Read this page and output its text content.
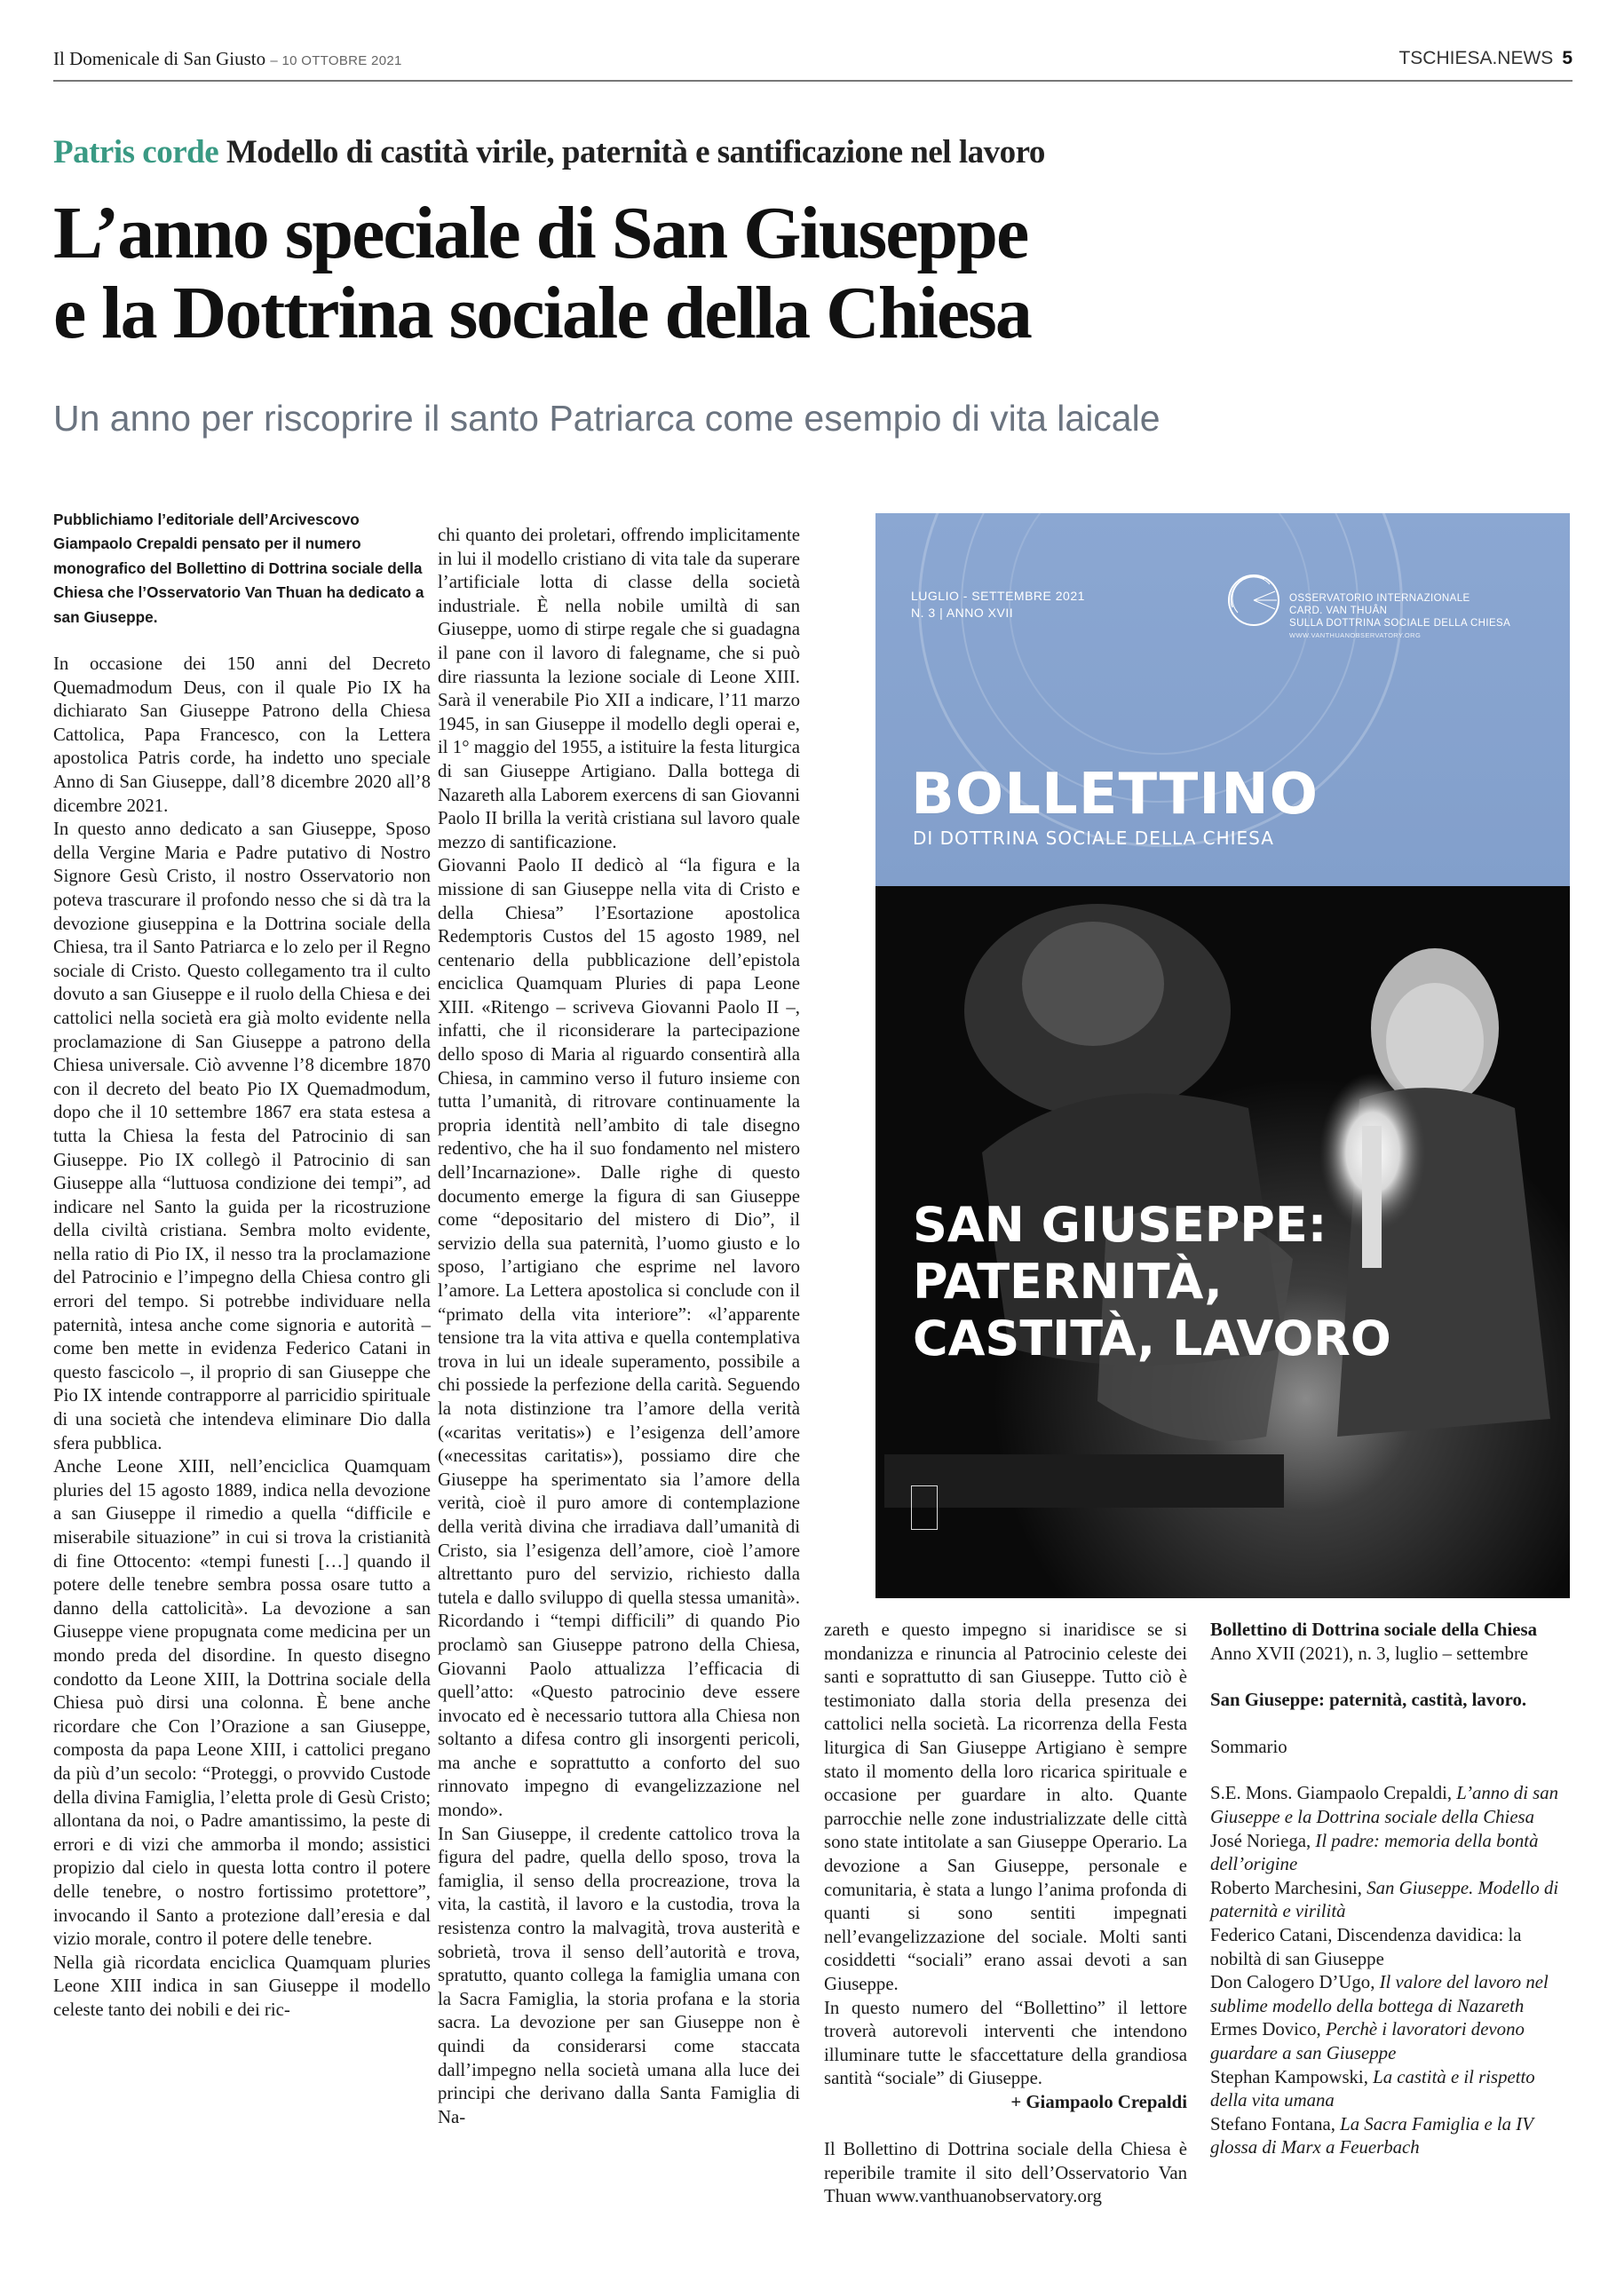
Il Domenicale di San Giusto – 10 OTTOBRE 2021	TSCHIESA.NEWS 5
Patris corde Modello di castità virile, paternità e santificazione nel lavoro
L’anno speciale di San Giuseppe
e la Dottrina sociale della Chiesa
Un anno per riscoprire il santo Patriarca come esempio di vita laicale

Pubblichiamo l’editoriale dell’Arcivescovo Giampaolo Crepaldi pensato per il numero monografico del Bollettino di Dottrina sociale della Chiesa che l’Osservatorio Van Thuan ha dedicato a san Giuseppe.

In occasione dei 150 anni del Decreto Quemadmodum Deus, con il quale Pio IX ha dichiarato San Giuseppe Patrono della Chiesa Cattolica, Papa Francesco, con la Lettera apostolica Patris corde, ha indetto uno speciale Anno di San Giuseppe, dall’8 dicembre 2020 all’8 dicembre 2021.

In questo anno dedicato a san Giuseppe, Sposo della Vergine Maria e Padre putativo di Nostro Signore Gesù Cristo, il nostro Osservatorio non poteva trascurare il profondo nesso che si dà tra la devozione giuseppina e la Dottrina sociale della Chiesa, tra il Santo Patriarca e lo zelo per il Regno sociale di Cristo. Questo collegamento tra il culto dovuto a san Giuseppe e il ruolo della Chiesa e dei cattolici nella società era già molto evidente nella proclamazione di San Giuseppe a patrono della Chiesa universale. Ciò avvenne l’8 dicembre 1870 con il decreto del beato Pio IX Quemadmodum, dopo che il 10 settembre 1867 era stata estesa a tutta la Chiesa la festa del Patrocinio di san Giuseppe. Pio IX collegò il Patrocinio di san Giuseppe alla “luttuosa condizione dei tempi”, ad indicare nel Santo la guida per la ricostruzione della civiltà cristiana. Sembra molto evidente, nella ratio di Pio IX, il nesso tra la proclamazione del Patrocinio e l’impegno della Chiesa contro gli errori del tempo. Si potrebbe individuare nella paternità, intesa anche come signoria e autorità – come ben mette in evidenza Federico Catani in questo fascicolo –, il proprio di san Giuseppe che Pio IX intende contrapporre al parricidio spirituale di una società che intendeva eliminare Dio dalla sfera pubblica.

Anche Leone XIII, nell’enciclica Quamquam pluries del 15 agosto 1889, indica nella devozione a san Giuseppe il rimedio a quella “difficile e miserabile situazione” in cui si trova la cristianità di fine Ottocento: «tempi funesti […] quando il potere delle tenebre sembra possa osare tutto a danno della cattolicità». La devozione a san Giuseppe viene propugnata come medicina per un mondo preda del disordine. In questo disegno condotto da Leone XIII, la Dottrina sociale della Chiesa può dirsi una colonna. È bene anche ricordare che Con l’Orazione a san Giuseppe, composta da papa Leone XIII, i cattolici pregano da più d’un secolo: “Proteggi, o provvido Custode della divina Famiglia, l’eletta prole di Gesù Cristo; allontana da noi, o Padre amantissimo, la peste di errori e di vizi che ammorba il mondo; assistici propizio dal cielo in questa lotta contro il potere delle tenebre, o nostro fortissimo protettore”, invocando il Santo a protezione dall’eresia e dal vizio morale, contro il potere delle tenebre.

Nella già ricordata enciclica Quamquam pluries Leone XIII indica in san Giuseppe il modello celeste tanto dei nobili e dei ric-

chi quanto dei proletari, offrendo implicitamente in lui il modello cristiano di vita tale da superare l’artificiale lotta di classe della società industriale. È nella nobile umiltà di san Giuseppe, uomo di stirpe regale che si guadagna il pane con il lavoro di falegname, che si può dire riassunta la lezione sociale di Leone XIII. Sarà il venerabile Pio XII a indicare, l’11 marzo 1945, in san Giuseppe il modello degli operai e, il 1° maggio del 1955, a istituire la festa liturgica di san Giuseppe Artigiano. Dalla bottega di Nazareth alla Laborem exercens di san Giovanni Paolo II brilla la verità cristiana sul lavoro quale mezzo di santificazione.

Giovanni Paolo II dedicò al “la figura e la missione di san Giuseppe nella vita di Cristo e della Chiesa” l’Esortazione apostolica Redemptoris Custos del 15 agosto 1989, nel centenario della pubblicazione dell’epistola enciclica Quamquam Pluries di papa Leone XIII. «Ritengo – scriveva Giovanni Paolo II –, infatti, che il riconsiderare la partecipazione dello sposo di Maria al riguardo consentirà alla Chiesa, in cammino verso il futuro insieme con tutta l’umanità, di ritrovare continuamente la propria identità nell’ambito di tale disegno redentivo, che ha il suo fondamento nel mistero dell’Incarnazione». Dalle righe di questo documento emerge la figura di san Giuseppe come “depositario del mistero di Dio”, il servizio della sua paternità, l’uomo giusto e lo sposo, l’artigiano che esprime nel lavoro l’amore. La Lettera apostolica si conclude con il “primato della vita interiore”: «l’apparente tensione tra la vita attiva e quella contemplativa trova in lui un ideale superamento, possibile a chi possiede la perfezione della carità. Seguendo la nota distinzione tra l’amore della verità («caritas veritatis») e l’esigenza dell’amore («necessitas caritatis»), possiamo dire che Giuseppe ha sperimentato sia l’amore della verità, cioè il puro amore di contemplazione della verità divina che irradiava dall’umanità di Cristo, sia l’esigenza dell’amore, cioè l’amore altrettanto puro del servizio, richiesto dalla tutela e dallo sviluppo di quella stessa umanità». Ricordando i “tempi difficili” di quando Pio proclamò san Giuseppe patrono della Chiesa, Giovanni Paolo attualizza l’efficacia di quell’atto: «Questo patrocinio deve essere invocato ed è necessario tuttora alla Chiesa non soltanto a difesa contro gli insorgenti pericoli, ma anche e soprattutto a conforto del suo rinnovato impegno di evangelizzazione nel mondo».

In San Giuseppe, il credente cattolico trova la figura del padre, quella dello sposo, trova la famiglia, il senso della procreazione, trova la vita, la castità, il lavoro e la custodia, trova la resistenza contro la malvagità, trova austerità e sobrietà, trova il senso dell’autorità e trova, spratutto, quanto collega la famiglia umana con la Sacra Famiglia, la storia profana e la storia sacra. La devozione per san Giuseppe non è quindi da considerarsi come staccata dall’impegno nella società umana alla luce dei principi che derivano dalla Santa Famiglia di Na-

LUGLIO - SETTEMBRE 2021
N. 3 | ANNO XVII
OSSERVATORIO INTERNAZIONALE
CARD. VAN THUÂN
SULLA DOTTRINA SOCIALE DELLA CHIESA
WWW.VANTHUANOBSERVATORY.ORG
BOLLETTINO
DI DOTTRINA SOCIALE DELLA CHIESA
SAN GIUSEPPE:
PATERNITÀ,
CASTITÀ, LAVORO

zareth e questo impegno si inaridisce se si mondanizza e rinuncia al Patrocinio celeste dei santi e soprattutto di san Giuseppe. Tutto ciò è testimoniato dalla storia della presenza dei cattolici nella società. La ricorrenza della Festa liturgica di San Giuseppe Artigiano è sempre stato il momento della loro ricarica spirituale e occasione per guardare in alto. Quante parrocchie nelle zone industrializzate delle città sono state intitolate a san Giuseppe Operario. La devozione a San Giuseppe, personale e comunitaria, è stata a lungo l’anima profonda di quanti si sono sentiti impegnati nell’evangelizzazione del sociale. Molti santi cosiddetti “sociali” erano assai devoti a san Giuseppe.

In questo numero del “Bollettino” il lettore troverà autorevoli interventi che intendono illuminare tutte le sfaccettature della grandiosa santità “sociale” di Giuseppe.

+ Giampaolo Crepaldi

Il Bollettino di Dottrina sociale della Chiesa è reperibile tramite il sito dell’Osservatorio Van Thuan www.vanthuanobservatory.org

Bollettino di Dottrina sociale della Chiesa

Anno XVII (2021), n. 3, luglio – settembre

San Giuseppe: paternità, castità, lavoro.

Sommario

S.E. Mons. Giampaolo Crepaldi, L’anno di san Giuseppe e la Dottrina sociale della Chiesa

José Noriega, Il padre: memoria della bontà dell’origine

Roberto Marchesini, San Giuseppe. Modello di paternità e virilità

Federico Catani, Discendenza davidica: la nobiltà di san Giuseppe

Don Calogero D’Ugo, Il valore del lavoro nel sublime modello della bottega di Nazareth

Ermes Dovico, Perchè i lavoratori devono guardare a san Giuseppe

Stephan Kampowski, La castità e il rispetto della vita umana

Stefano Fontana, La Sacra Famiglia e la IV glossa di Marx a Feuerbach
